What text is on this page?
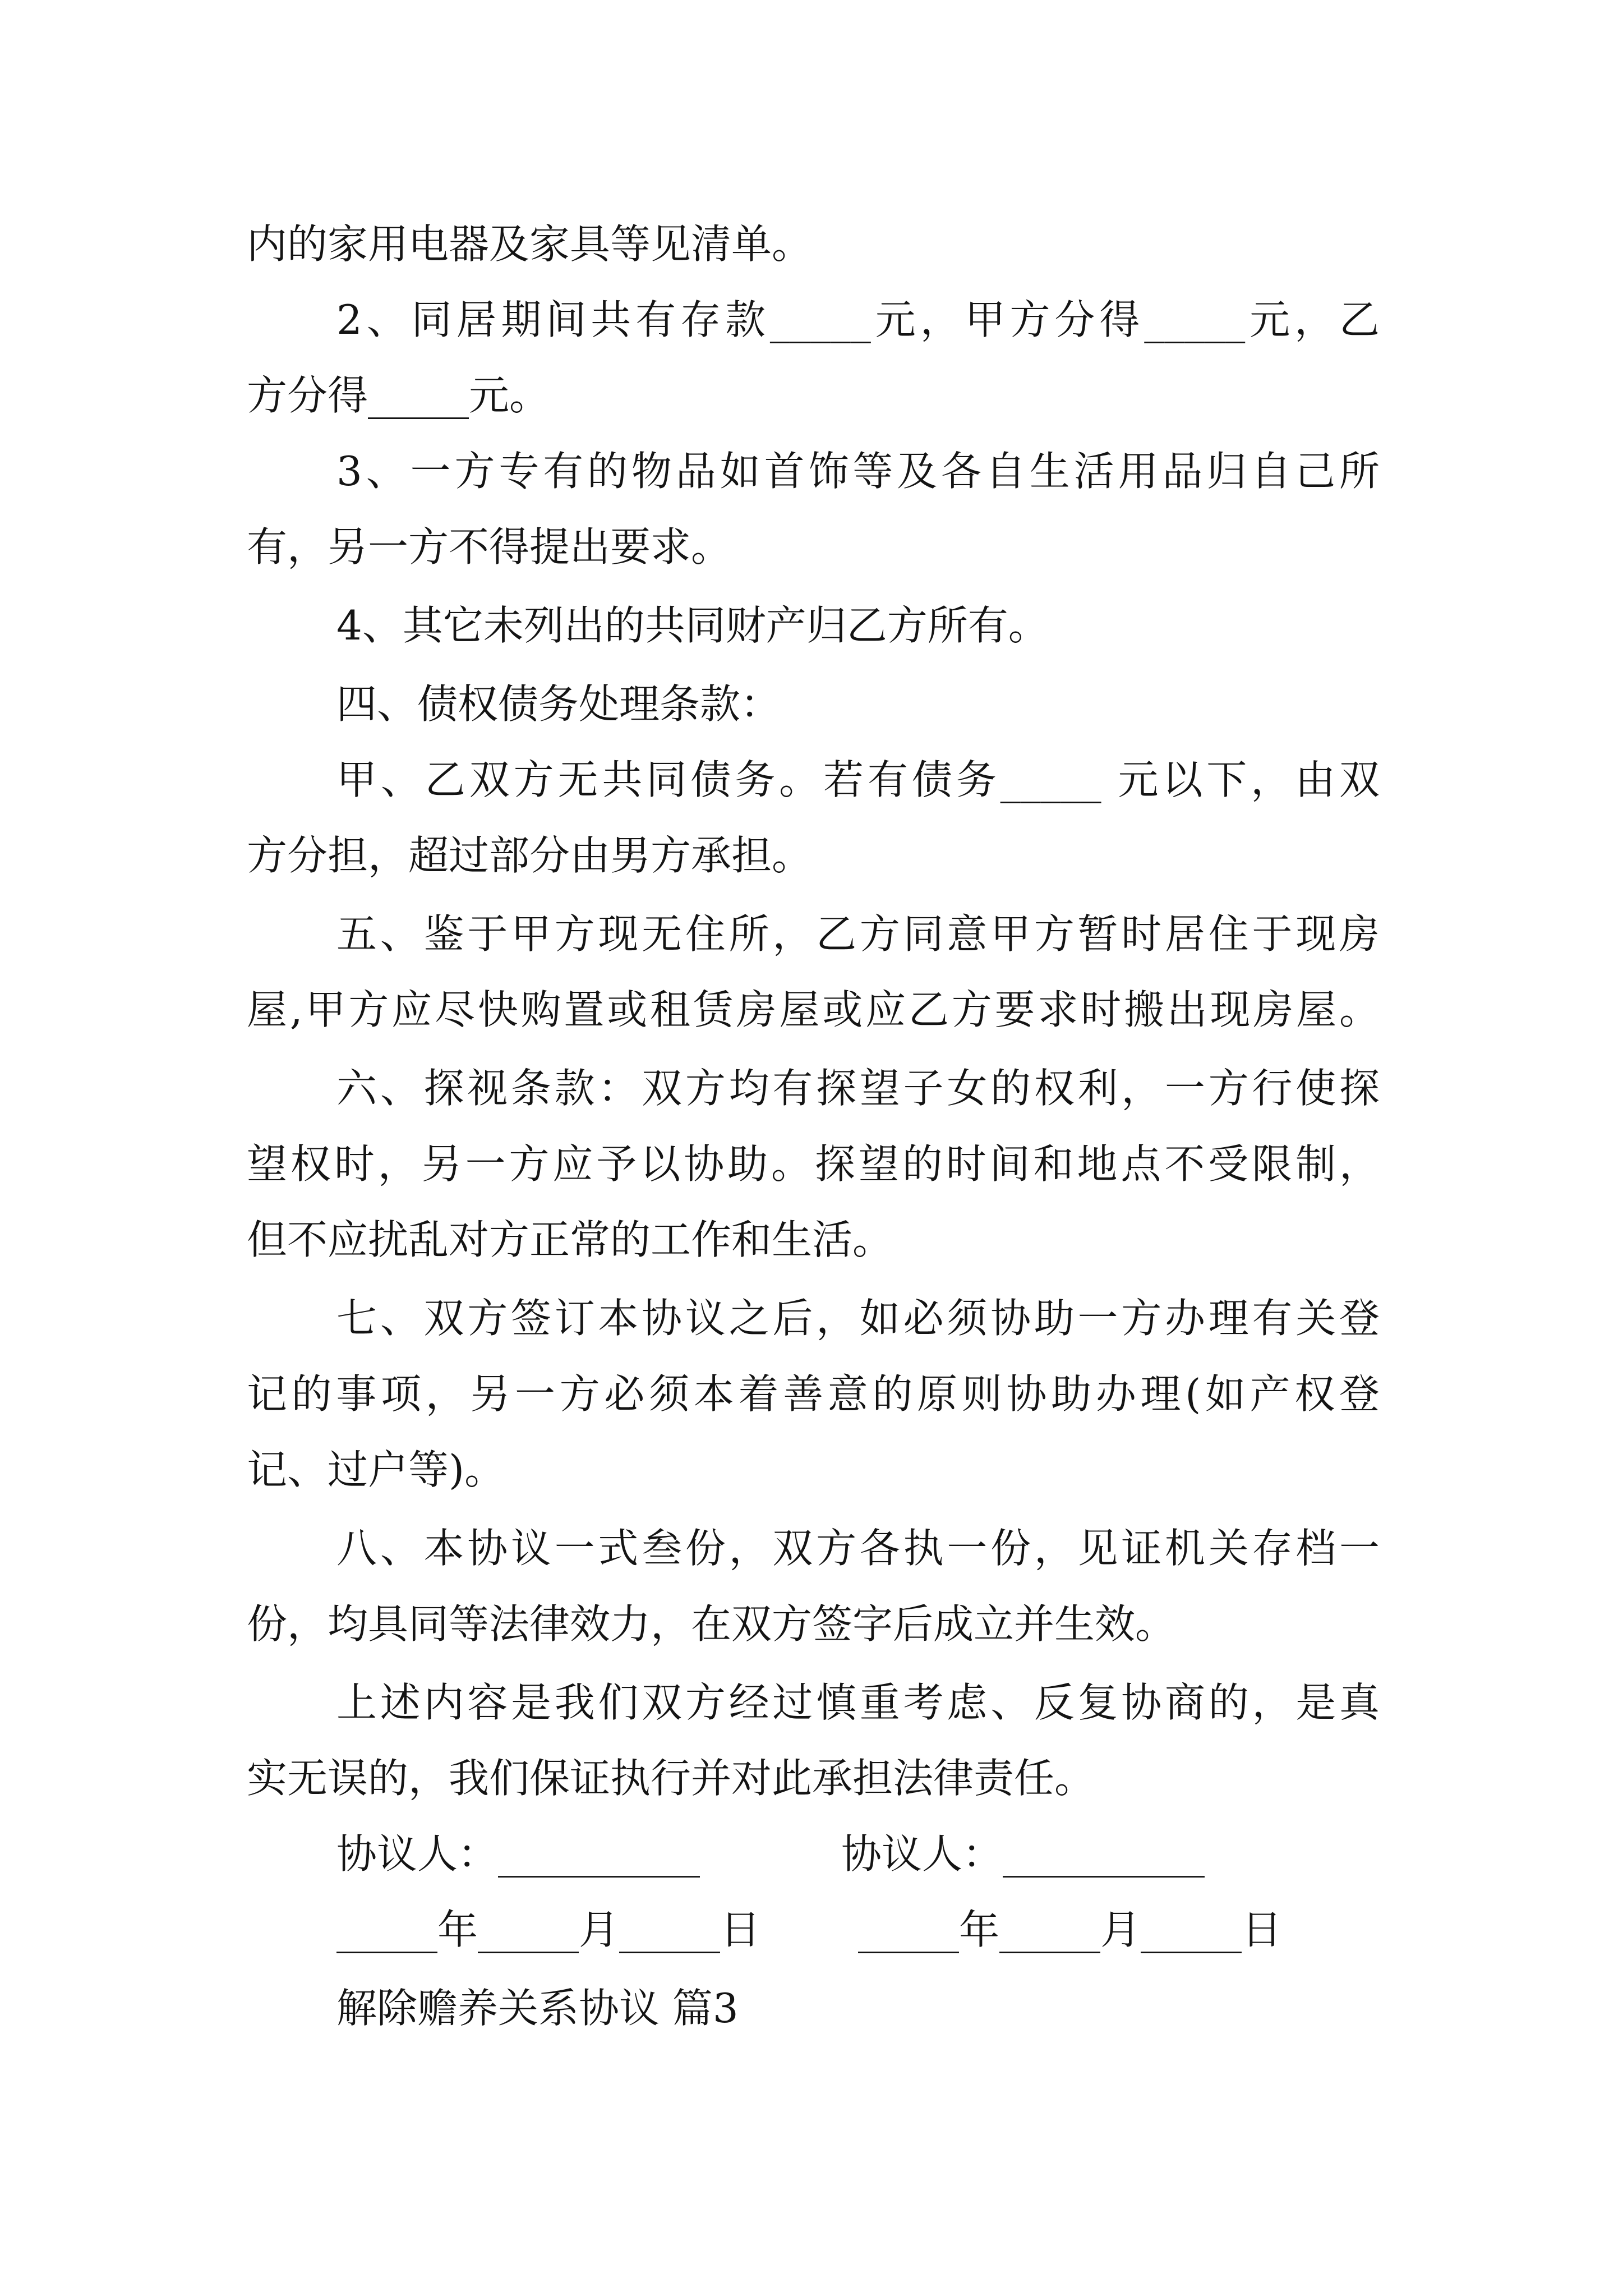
内的家用电器及家具等见清单。
2、同居期间共有存款_____元，甲方分得_____元，乙
方分得_____元。
3、一方专有的物品如首饰等及各自生活用品归自己所
有，另一方不得提出要求。
4、其它未列出的共同财产归乙方所有。
四、债权债务处理条款：
甲、乙双方无共同债务。若有债务_____ 元以下，由双
方分担，超过部分由男方承担。
五、鉴于甲方现无住所，乙方同意甲方暂时居住于现房
屋,甲方应尽快购置或租赁房屋或应乙方要求时搬出现房屋。
六、探视条款：双方均有探望子女的权利，一方行使探
望权时，另一方应予以协助。探望的时间和地点不受限制，
但不应扰乱对方正常的工作和生活。
七、双方签订本协议之后，如必须协助一方办理有关登
记的事项，另一方必须本着善意的原则协助办理(如产权登
记、过户等)。
八、本协议一式叁份，双方各执一份，见证机关存档一
份，均具同等法律效力，在双方签字后成立并生效。
上述内容是我们双方经过慎重考虑、反复协商的，是真
实无误的，我们保证执行并对此承担法律责任。
协议人：__________	协议人：__________
_____年_____月_____日 _____年_____月_____日
解除赡养关系协议 篇3
